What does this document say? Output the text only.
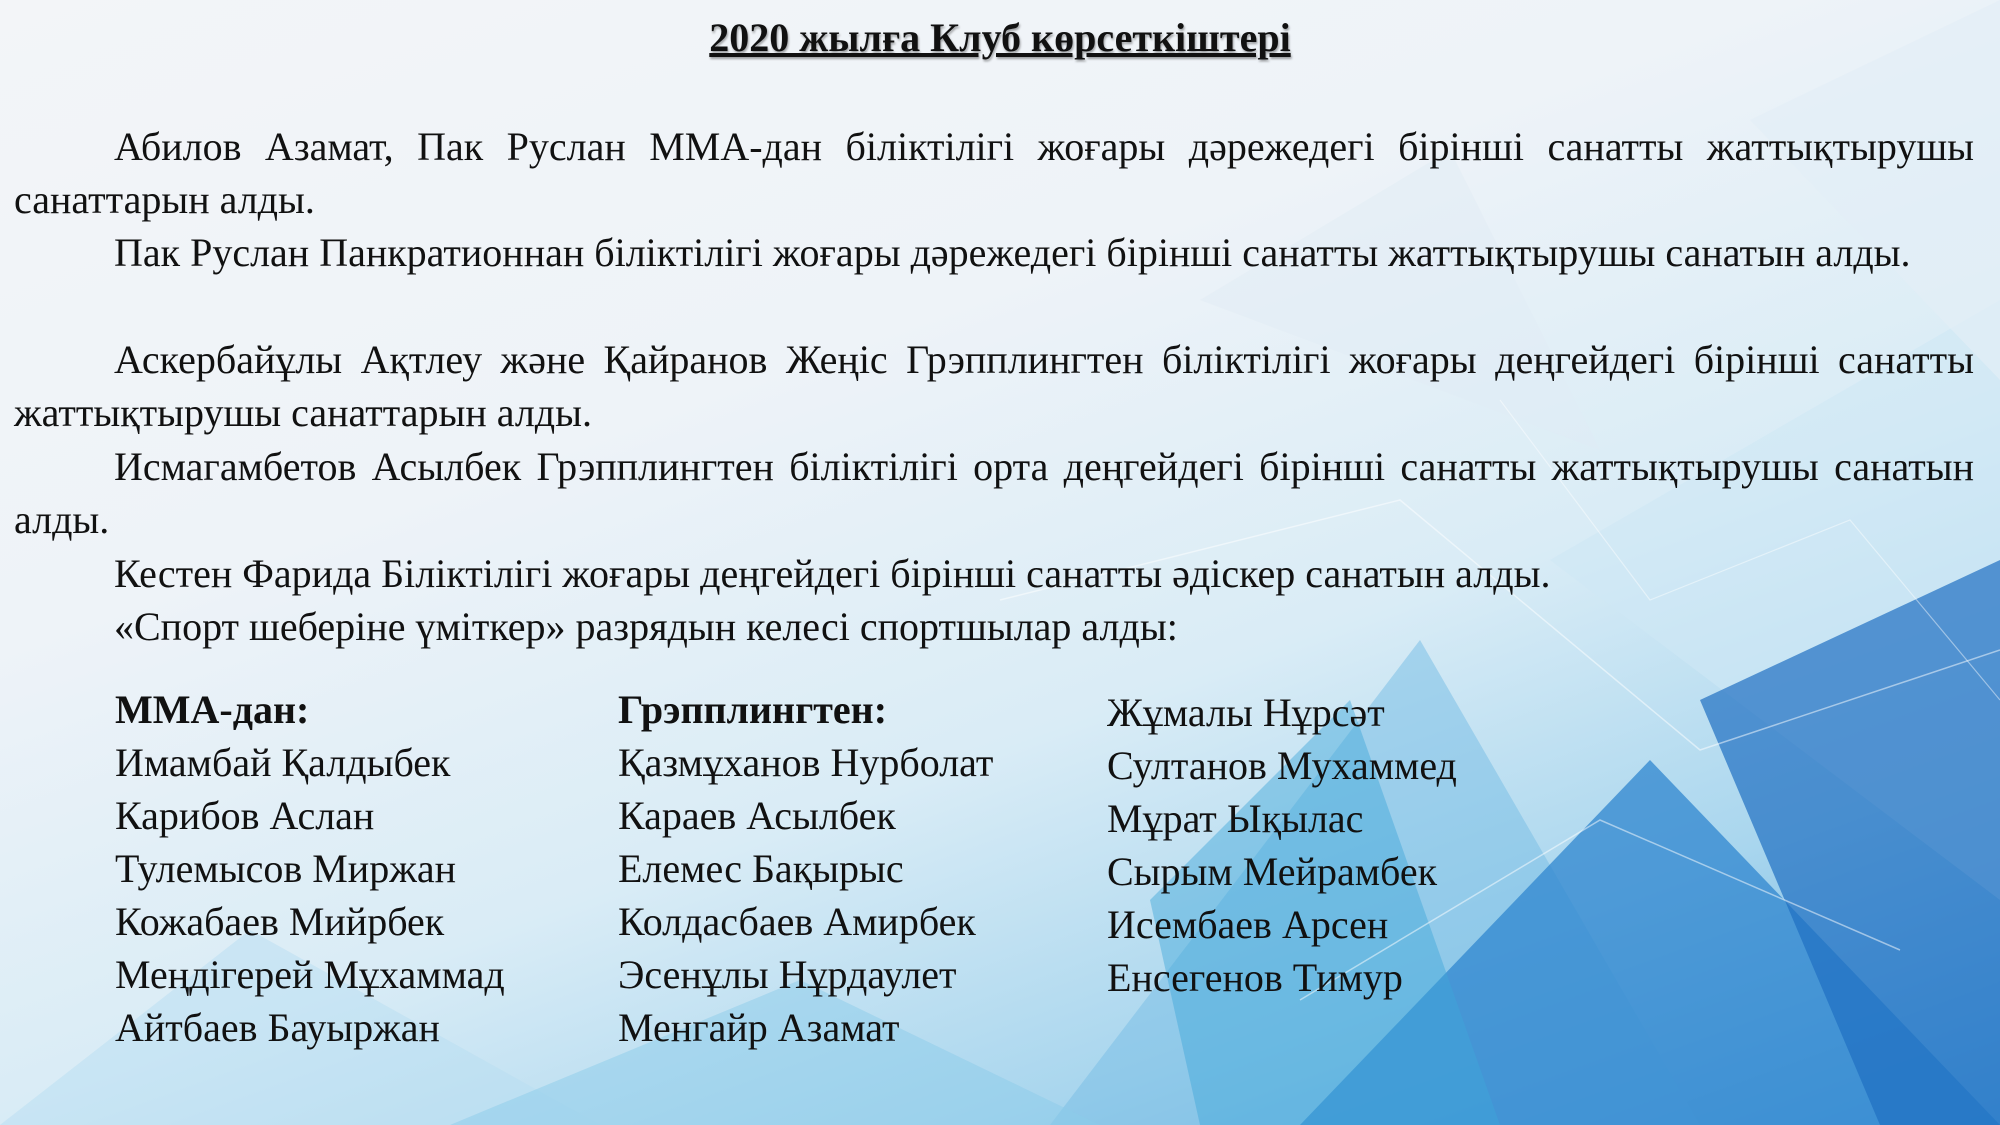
2020 жылға Клуб көрсеткіштері
Абилов Азамат, Пак Руслан ММА-дан біліктілігі жоғары дәрежедегі бірінші санатты жаттықтырушы санаттарын алды.
Пак Руслан Панкратионнан біліктілігі жоғары дәрежедегі бірінші санатты жаттықтырушы санатын алды.
Аскербайұлы Ақтлеу және Қайранов Жеңіс Грэпплингтен біліктілігі жоғары деңгейдегі бірінші санатты жаттықтырушы санаттарын алды.
Исмагамбетов Асылбек Грэпплингтен біліктілігі орта деңгейдегі бірінші санатты жаттықтырушы санатын алды.
Кестен Фарида Біліктілігі жоғары деңгейдегі бірінші санатты әдіскер санатын алды.
«Спорт шеберіне үміткер» разрядын келесі спортшылар алды:
ММА-дан:
Имамбай Қалдыбек
Карибов Аслан
Тулемысов Миржан
Кожабаев Мийрбек
Меңдігерей Мұхаммад
Айтбаев Бауыржан
Грэпплингтен:
Қазмұханов Нурболат
Караев Асылбек
Елемес Бақырыс
Колдасбаев Амирбек
Эсенұлы Нұрдаулет
Менгайр Азамат
Жұмалы Нұрсәт
Султанов Мухаммед
Мұрат Ықылас
Сырым Мейрамбек
Исембаев Арсен
Енсегенов Тимур
